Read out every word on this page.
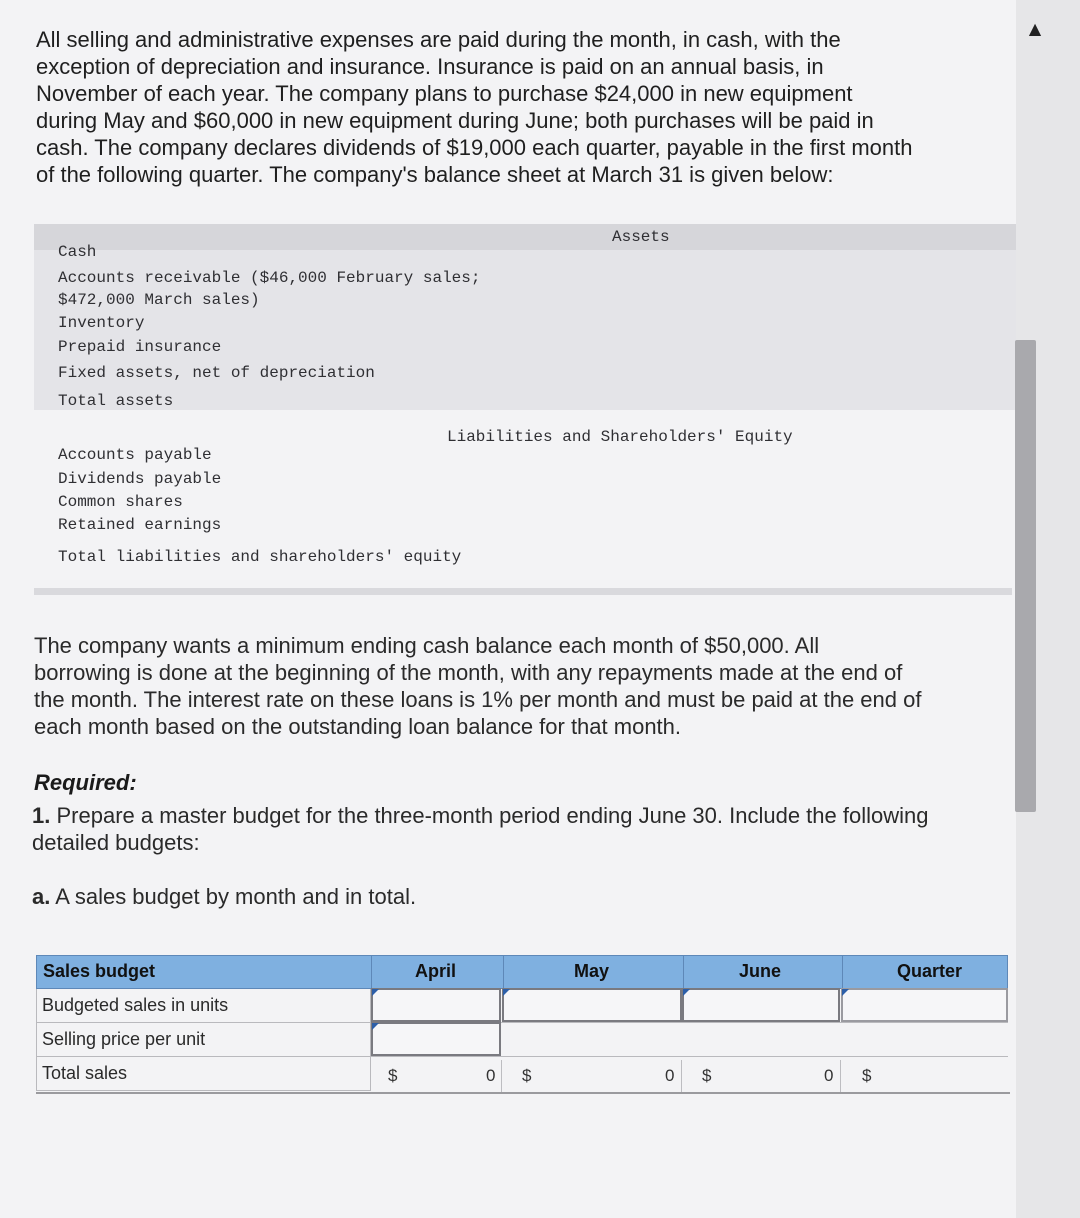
All selling and administrative expenses are paid during the month, in cash, with the
exception of depreciation and insurance. Insurance is paid on an annual basis, in
November of each year. The company plans to purchase $24,000 in new equipment
during May and $60,000 in new equipment during June; both purchases will be paid in
cash. The company declares dividends of $19,000 each quarter, payable in the first month
of the following quarter. The company's balance sheet at March 31 is given below:
Assets
Cash
Accounts receivable ($46,000 February sales;
$472,000 March sales)
Inventory
Prepaid insurance
Fixed assets, net of depreciation
Total assets
Liabilities and Shareholders' Equity
Accounts payable
Dividends payable
Common shares
Retained earnings
Total liabilities and shareholders' equity
The company wants a minimum ending cash balance each month of $50,000. All
borrowing is done at the beginning of the month, with any repayments made at the end of
the month. The interest rate on these loans is 1% per month and must be paid at the end of
each month based on the outstanding loan balance for that month.
Required:
1. Prepare a master budget for the three-month period ending June 30. Include the following detailed budgets:
a. A sales budget by month and in total.
Sales budget	April	May	June	Quarter
Budgeted sales in units
Selling price per unit
Total sales	$	0 $	0 $	0 $
▲
